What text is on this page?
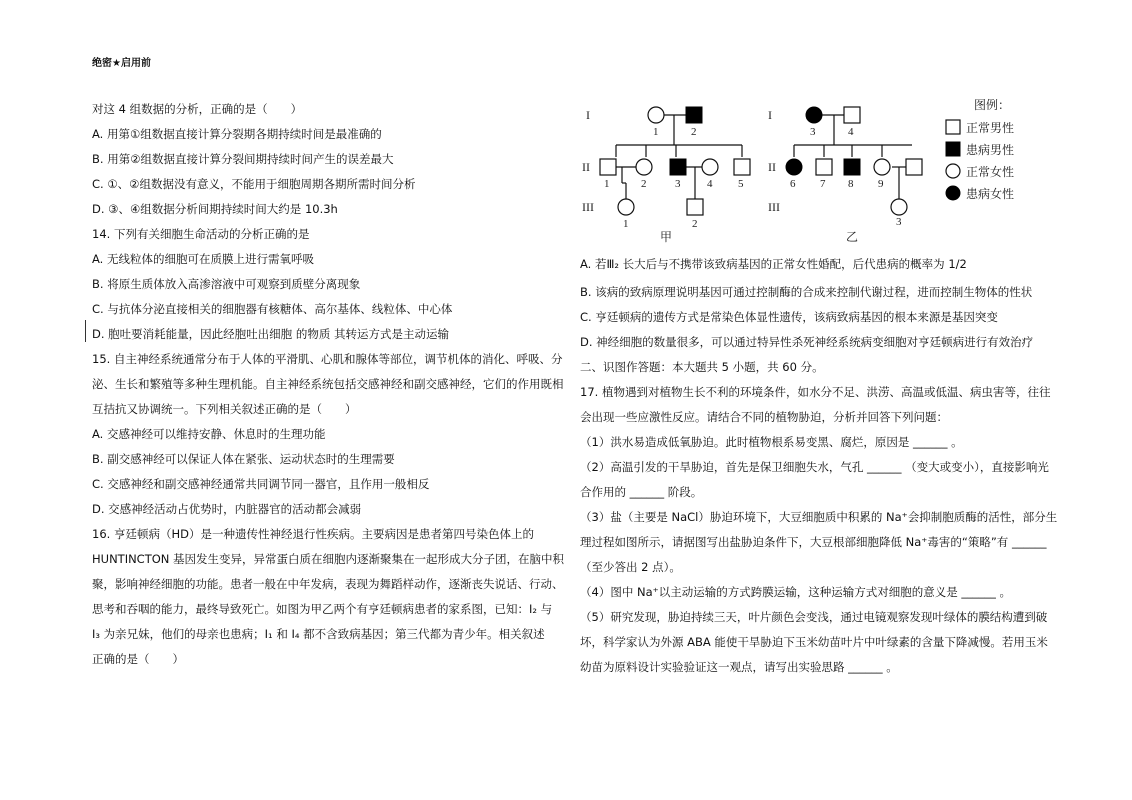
绝密★启用前
对这 4 组数据的分析，正确的是（　　）
A. 用第①组数据直接计算分裂期各期持续时间是最准确的
B. 用第②组数据直接计算分裂间期持续时间产生的误差最大
C. ①、②组数据没有意义，不能用于细胞周期各期所需时间分析
D. ③、④组数据分析间期持续时间大约是 10.3h
14. 下列有关细胞生命活动的分析正确的是
A. 无线粒体的细胞可在质膜上进行需氧呼吸
B. 将原生质体放入高渗溶液中可观察到质壁分离现象
C. 与抗体分泌直接相关的细胞器有核糖体、高尔基体、线粒体、中心体
D. 胞吐要消耗能量，因此经胞吐出细胞 的物质 其转运方式是主动运输
15. 自主神经系统通常分布于人体的平滑肌、心肌和腺体等部位，调节机体的消化、呼吸、分
泌、生长和繁殖等多种生理机能。自主神经系统包括交感神经和副交感神经，它们的作用既相
互拮抗又协调统一。下列相关叙述正确的是（　　）
A. 交感神经可以维持安静、休息时的生理功能
B. 副交感神经可以保证人体在紧张、运动状态时的生理需要
C. 交感神经和副交感神经通常共同调节同一器官，且作用一般相反
D. 交感神经活动占优势时，内脏器官的活动都会减弱
16. 亨廷顿病（HD）是一种遗传性神经退行性疾病。主要病因是患者第四号染色体上的
HUNTINCTON 基因发生变异，异常蛋白质在细胞内逐渐聚集在一起形成大分子团，在脑中积
聚，影响神经细胞的功能。患者一般在中年发病，表现为舞蹈样动作，逐渐丧失说话、行动、
思考和吞咽的能力，最终导致死亡。如图为甲乙两个有亨廷顿病患者的家系图，已知：Ⅰ₂ 与
Ⅰ₃ 为亲兄妹，他们的母亲也患病；Ⅰ₁ 和 Ⅰ₄ 都不含致病基因；第三代都为青少年。相关叙述
正确的是（　　）
I
II
III
I
II
III
1	2
1	2	3 4 5
1	2
3	4
6 7 8 9
3
甲	乙
图例：
正常男性
患病男性
正常女性
患病女性
A. 若Ⅲ₂ 长大后与不携带该致病基因的正常女性婚配，后代患病的概率为 1/2
B. 该病的致病原理说明基因可通过控制酶的合成来控制代谢过程，进而控制生物体的性状
C. 亨廷顿病的遗传方式是常染色体显性遗传，该病致病基因的根本来源是基因突变
D. 神经细胞的数量很多，可以通过特异性杀死神经系统病变细胞对亨廷顿病进行有效治疗
二、识图作答题：本大题共 5 小题，共 60 分。
17. 植物遇到对植物生长不利的环境条件，如水分不足、洪涝、高温或低温、病虫害等，往往
会出现一些应激性反应。请结合不同的植物胁迫，分析并回答下列问题：
（1）洪水易造成低氧胁迫。此时植物根系易变黑、腐烂，原因是 ______ 。
（2）高温引发的干旱胁迫，首先是保卫细胞失水，气孔 ______ （变大或变小），直接影响光
合作用的 ______ 阶段。
（3）盐（主要是 NaCl）胁迫环境下，大豆细胞质中积累的 Na⁺会抑制胞质酶的活性，部分生
理过程如图所示，请据图写出盐胁迫条件下，大豆根部细胞降低 Na⁺毒害的“策略”有 ______
（至少答出 2 点）。
（4）图中 Na⁺以主动运输的方式跨膜运输，这种运输方式对细胞的意义是 ______ 。
（5）研究发现，胁迫持续三天，叶片颜色会变浅，通过电镜观察发现叶绿体的膜结构遭到破
坏，科学家认为外源 ABA 能使干旱胁迫下玉米幼苗叶片中叶绿素的含量下降减慢。若用玉米
幼苗为原料设计实验验证这一观点，请写出实验思路 ______ 。
